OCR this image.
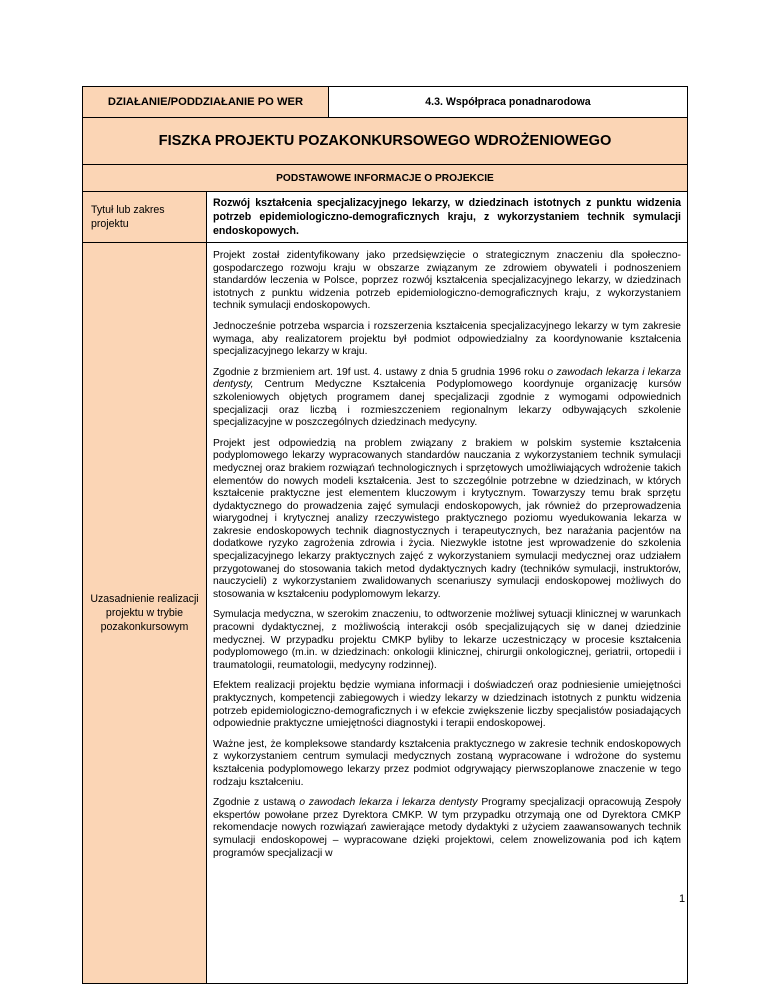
DZIAŁANIE/PODDZIAŁANIE PO WER	4.3. Współpraca ponadnarodowa
FISZKA PROJEKTU POZAKONKURSOWEGO WDROŻENIOWEGO
PODSTAWOWE INFORMACJE O PROJEKCIE
Tytuł lub zakres projektu
Rozwój kształcenia specjalizacyjnego lekarzy, w dziedzinach istotnych z punktu widzenia potrzeb epidemiologiczno-demograficznych kraju, z wykorzystaniem technik symulacji endoskopowych.
Uzasadnienie realizacji projektu w trybie pozakonkursowym

Projekt został zidentyfikowany jako przedsięwzięcie o strategicznym znaczeniu dla społeczno-gospodarczego rozwoju kraju w obszarze związanym ze zdrowiem obywateli i podnoszeniem standardów leczenia w Polsce, poprzez rozwój kształcenia specjalizacyjnego lekarzy, w dziedzinach istotnych z punktu widzenia potrzeb epidemiologiczno-demograficznych kraju, z wykorzystaniem technik symulacji endoskopowych.

Jednocześnie potrzeba wsparcia i rozszerzenia kształcenia specjalizacyjnego lekarzy w tym zakresie wymaga, aby realizatorem projektu był podmiot odpowiedzialny za koordynowanie kształcenia specjalizacyjnego lekarzy w kraju.

Zgodnie z brzmieniem art. 19f ust. 4. ustawy z dnia 5 grudnia 1996 roku o zawodach lekarza i lekarza dentysty, Centrum Medyczne Kształcenia Podyplomowego koordynuje organizację kursów szkoleniowych objętych programem danej specjalizacji zgodnie z wymogami odpowiednich specjalizacji oraz liczbą i rozmieszczeniem regionalnym lekarzy odbywających szkolenie specjalizacyjne w poszczególnych dziedzinach medycyny.

Projekt jest odpowiedzią na problem związany z brakiem w polskim systemie kształcenia podyplomowego lekarzy wypracowanych standardów nauczania z wykorzystaniem technik symulacji medycznej oraz brakiem rozwiązań technologicznych i sprzętowych umożliwiających wdrożenie takich elementów do nowych modeli kształcenia. Jest to szczególnie potrzebne w dziedzinach, w których kształcenie praktyczne jest elementem kluczowym i krytycznym. Towarzyszy temu brak sprzętu dydaktycznego do prowadzenia zajęć symulacji endoskopowych, jak również do przeprowadzenia wiarygodnej i krytycznej analizy rzeczywistego praktycznego poziomu wyedukowania lekarza w zakresie endoskopowych technik diagnostycznych i terapeutycznych, bez narażania pacjentów na dodatkowe ryzyko zagrożenia zdrowia i życia. Niezwykle istotne jest wprowadzenie do szkolenia specjalizacyjnego lekarzy praktycznych zajęć z wykorzystaniem symulacji medycznej oraz udziałem przygotowanej do stosowania takich metod dydaktycznych kadry (techników symulacji, instruktorów, nauczycieli) z wykorzystaniem zwalidowanych scenariuszy symulacji endoskopowej możliwych do stosowania w kształceniu podyplomowym lekarzy.

Symulacja medyczna, w szerokim znaczeniu, to odtworzenie możliwej sytuacji klinicznej w warunkach pracowni dydaktycznej, z możliwością interakcji osób specjalizujących się w danej dziedzinie medycznej. W przypadku projektu CMKP byliby to lekarze uczestniczący w procesie kształcenia podyplomowego (m.in. w dziedzinach: onkologii klinicznej, chirurgii onkologicznej, geriatrii, ortopedii i traumatologii, reumatologii, medycyny rodzinnej).

Efektem realizacji projektu będzie wymiana informacji i doświadczeń oraz podniesienie umiejętności praktycznych, kompetencji zabiegowych i wiedzy lekarzy w dziedzinach istotnych z punktu widzenia potrzeb epidemiologiczno-demograficznych i w efekcie zwiększenie liczby specjalistów posiadających odpowiednie praktyczne umiejętności diagnostyki i terapii endoskopowej.

Ważne jest, że kompleksowe standardy kształcenia praktycznego w zakresie technik endoskopowych z wykorzystaniem centrum symulacji medycznych zostaną wypracowane i wdrożone do systemu kształcenia podyplomowego lekarzy przez podmiot odgrywający pierwszoplanowe znaczenie w tego rodzaju kształceniu.

Zgodnie z ustawą o zawodach lekarza i lekarza dentysty Programy specjalizacji opracowują Zespoły ekspertów powołane przez Dyrektora CMKP. W tym przypadku otrzymają one od Dyrektora CMKP rekomendacje nowych rozwiązań zawierające metody dydaktyki z użyciem zaawansowanych technik symulacji endoskopowej – wypracowane dzięki projektowi, celem znowelizowania pod ich kątem programów specjalizacji w

1
